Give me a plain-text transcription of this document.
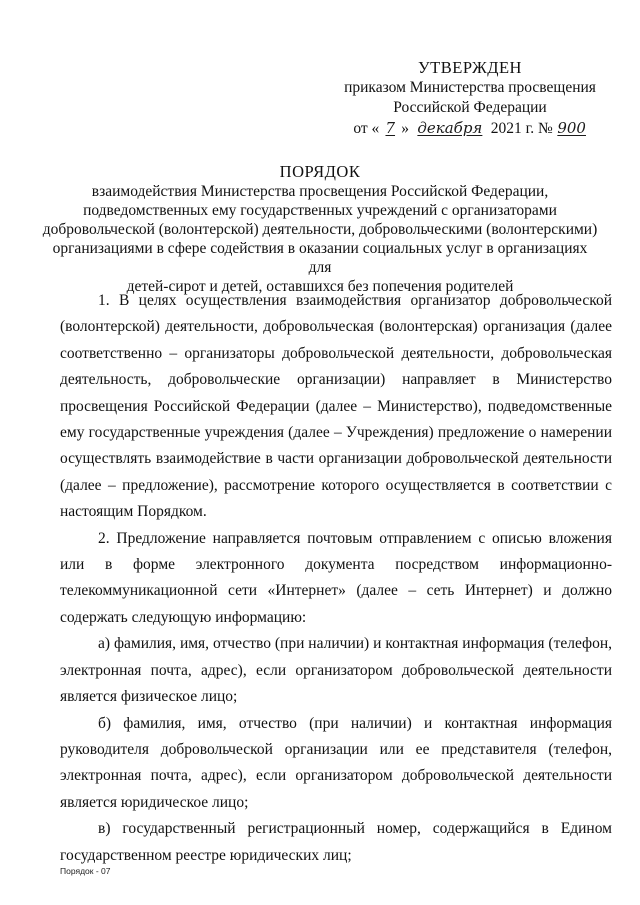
УТВЕРЖДЕН
приказом Министерства просвещения
Российской Федерации
от « 7 » декабря 2021 г. № 900
ПОРЯДОК
взаимодействия Министерства просвещения Российской Федерации,
подведомственных ему государственных учреждений с организаторами
добровольческой (волонтерской) деятельности, добровольческими (волонтерскими)
организациями в сфере содействия в оказании социальных услуг в организациях для
детей-сирот и детей, оставшихся без попечения родителей

1. В целях осуществления взаимодействия организатор добровольческой (волонтерской) деятельности, добровольческая (волонтерская) организация (далее соответственно – организаторы добровольческой деятельности, добровольческая деятельность, добровольческие организации) направляет в Министерство просвещения Российской Федерации (далее – Министерство), подведомственные ему государственные учреждения (далее – Учреждения) предложение о намерении осуществлять взаимодействие в части организации добровольческой деятельности (далее – предложение), рассмотрение которого осуществляется в соответствии с настоящим Порядком.

2. Предложение направляется почтовым отправлением с описью вложения или в форме электронного документа посредством информационно-телекоммуникационной сети «Интернет» (далее – сеть Интернет) и должно содержать следующую информацию:

а) фамилия, имя, отчество (при наличии) и контактная информация (телефон, электронная почта, адрес), если организатором добровольческой деятельности является физическое лицо;

б) фамилия, имя, отчество (при наличии) и контактная информация руководителя добровольческой организации или ее представителя (телефон, электронная почта, адрес), если организатором добровольческой деятельности является юридическое лицо;

в) государственный регистрационный номер, содержащийся в Едином государственном реестре юридических лиц;

Порядок - 07
